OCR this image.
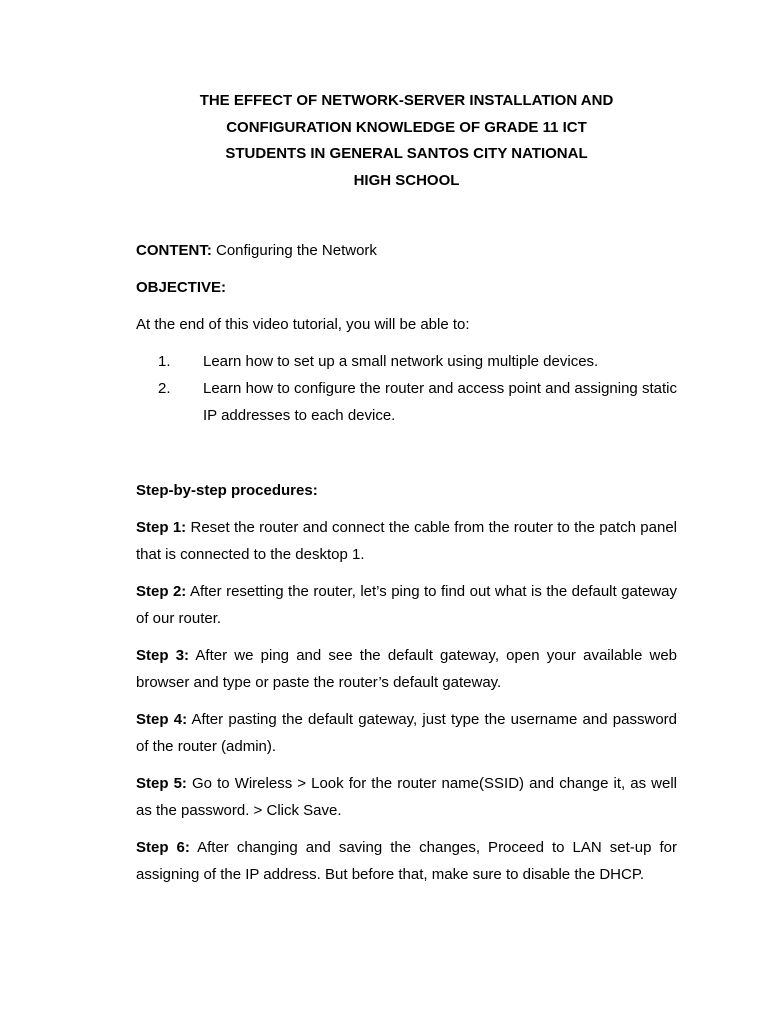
THE EFFECT OF NETWORK-SERVER INSTALLATION AND
CONFIGURATION KNOWLEDGE OF GRADE 11 ICT
STUDENTS IN GENERAL SANTOS CITY NATIONAL
HIGH SCHOOL

CONTENT: Configuring the Network

OBJECTIVE:

At the end of this video tutorial, you will be able to:

1.	Learn how to set up a small network using multiple devices.
2.	Learn how to configure the router and access point and assigning static IP addresses to each device.

Step-by-step procedures:

Step 1: Reset the router and connect the cable from the router to the patch panel that is connected to the desktop 1.

Step 2: After resetting the router, let’s ping to find out what is the default gateway of our router.

Step 3: After we ping and see the default gateway, open your available web browser and type or paste the router’s default gateway.

Step 4: After pasting the default gateway, just type the username and password of the router (admin).

Step 5: Go to Wireless > Look for the router name(SSID) and change it, as well as the password. > Click Save.

Step 6: After changing and saving the changes, Proceed to LAN set-up for assigning of the IP address. But before that, make sure to disable the DHCP.
